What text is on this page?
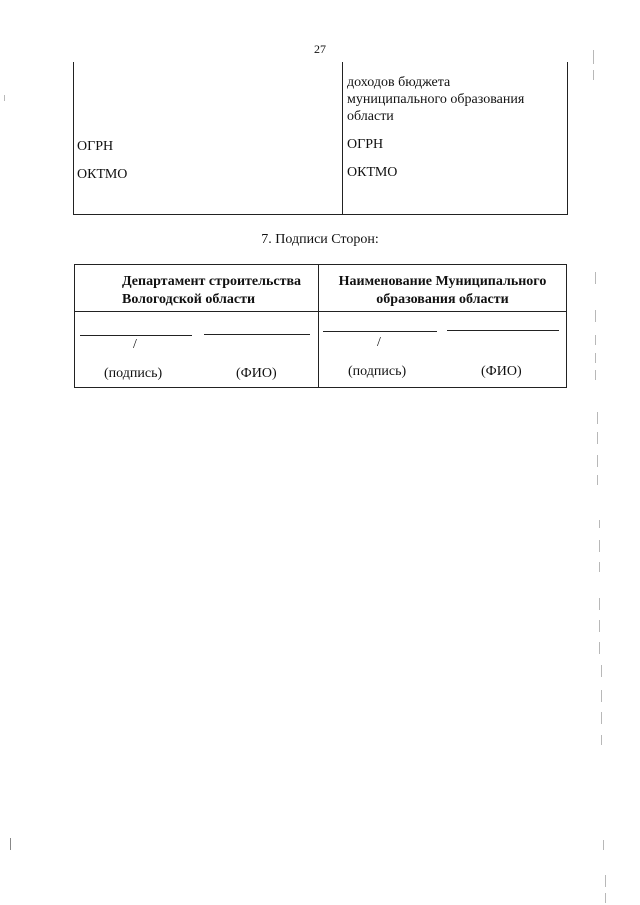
27
доходов бюджета
муниципального образования
области
ОГРН
ОКТМО
ОГРН
ОКТМО
7. Подписи Сторон:
Департамент строительства
Вологодской области
Наименование Муниципального
образования области
/
(подпись)	(ФИО)
/
(подпись)	(ФИО)
